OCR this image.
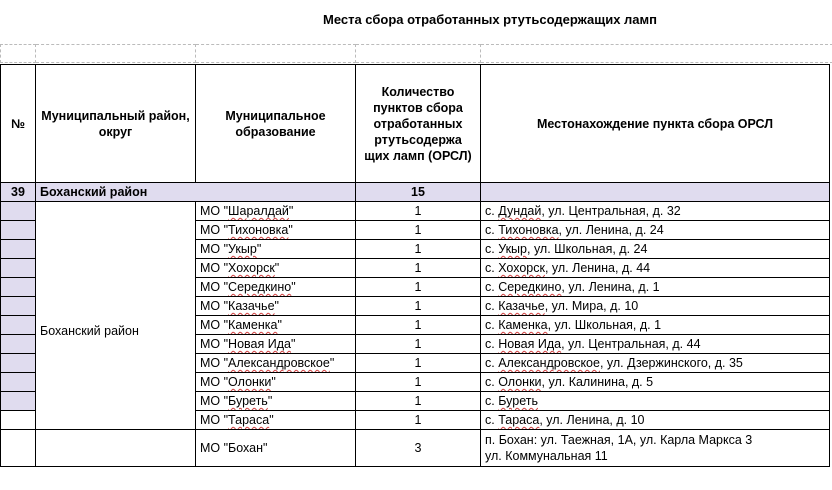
Места сбора отработанных ртутьсодержащих ламп

№	Муниципальный район, округ	Муниципальное образование	Количество пунктов сбора отработанных ртутьсодержа щих ламп (ОРСЛ)	Местонахождение пункта сбора ОРСЛ
39	Боханский район		15	
	Боханский район	МО "Шаралдай"	1	с. Дундай, ул. Центральная, д. 32
		МО "Тихоновка"	1	с. Тихоновка, ул. Ленина, д. 24
		МО "Укыр"	1	с. Укыр, ул. Школьная, д. 24
		МО "Хохорск"	1	с. Хохорск, ул. Ленина, д. 44
		МО "Середкино"	1	с. Середкино, ул. Ленина, д. 1
		МО "Казачье"	1	с. Казачье, ул. Мира, д. 10
		МО "Каменка"	1	с. Каменка, ул. Школьная, д. 1
		МО "Новая Ида"	1	с. Новая Ида, ул. Центральная, д. 44
		МО "Александровское"	1	с. Александровское, ул. Дзержинского, д. 35
		МО "Олонки"	1	с. Олонки, ул. Калинина, д. 5
		МО "Буреть"	1	с. Буреть
		МО "Тараса"	1	с. Тараса, ул. Ленина, д. 10
		МО "Бохан"	3	п. Бохан: ул. Таежная, 1А, ул. Карла Маркса 3
ул. Коммунальная 11
